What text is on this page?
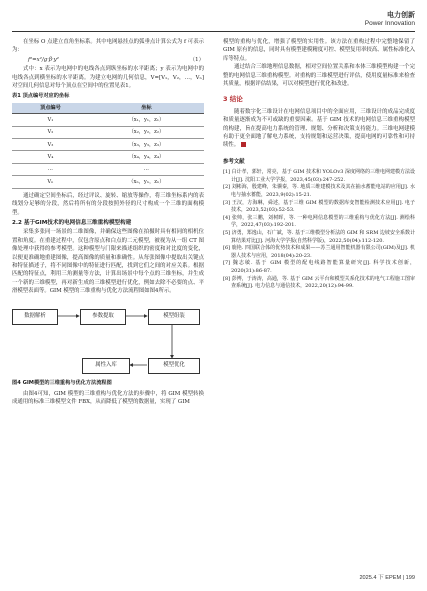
电力创新
Power Innovation

在坐标 O 点建立直角坐标系。其中电网悬挂点的弧垂点计算公式为 f 可表示为：

f²=x²/g·β·y²	（1）

式中：x 表示为电网中的电线各点到纵坐标的水平距离；y 表示为电网中的电线各点到横坐标的水平距离。为建立电网的几何信息，V=[V₁，V₂，…，Vₙ] 对空间几何信息对每个顶点在空间中的位置见表1。

表1 顶点编号对应的坐标
顶点编号	坐标
V₁	（x₁，y₁，z₁）
V₂	（x₂，y₂，z₂）
V₃	（x₃，y₃，z₃）
V₄	（x₄，y₄，z₄）
…	…
Vₙ	（xₙ，yₙ，zₙ）

通过确定空间坐标后，经过评议、旋转、缩放等操作，将三维坐标系内的表线划分足够的分段，然后将所有的分段按照外径的尺寸构成一个三维的面构模型。

2.2 基于GIM技术的电网信息三维重构模型构建

采集多张同一场景的二维图像，并确保这些图像在拍摄时具有相同的相机位置和角度。在重建过程中，仅包含原点和白点的二元模型，被视为从一组 CT 图像处理中获得的参考模型。这种模型与门限来描述组织的密度和对比度的变化，以便更准确地重建图像，提高图像的质量和准确性。从每张图像中提取出关键点和特征描述子，将不同图像中的特征进行匹配，找到它们之间的对应关系。根据匹配的特征点，利用三角测量等方法，计算出场景中每个点的三维坐标，并生成一个新的三维模型，再对新生成的三维模型进行优化，例如去除不必要的点、平滑模型表面等。GIM 模型的三维重构与优化方法流程图如图4所示。

数据解析	参数提取	模型组装
属性入库	模型优化
图4 GIM模型的三维重构与优化方法流程图

由图4可知，GIM 模型的三维重构与优化方法的步骤中，将 GIM 模型转换成通用的标准三维模型文件 FBX，从而降低了模型的数据量，实现了 GIM

模型的重构与优化，增强了模型的实用性。该方法在重构过程中完整地保留了 GIM 原有的信息，同时具有模型建模精度可控、模型复用率较高、属性标准化入库等特点。

通过结合三维地理信息数据，相对空间位置关系和本体三维模型构建一个完整的电网信息三维重构模型。对重构的三维模型进行评估，使用度量标准来检查其质量，根据评估结果，可以对模型进行优化和改进。

3 结论

随着数字化三维设计在电网信息项目中的全面应用，三维设计的成品完成度和质量逐渐成为不可或缺的重要因素。基于 GIM 技术的电网信息三维重构模型的构建，旨在提高电力系统的管理、规划、分析和决策支持能力。三维电网建模有助于更全面地了解电力系统，支持规划和运营决策，提高电网的可靠性和可持续性。

参考文献
[1] 白计孝，郭轩，常亮，基于 GIM 技术和 YOLOv3 深度网络的三维电网建模方法设计[J]. 沈阳工业大学学报，2023,45(03):247-252.
[2] 刘彬海，殷建峰，朱骥秦，等. 地质三维建模技术及其在抽水蓄能电站的应用[J]. 水电与抽水蓄能，2023,9(02):15-21.
[3] 王汉，方海琳，舜述，基于三维 GIM 模型的数据库变智能检测技术应用[J]. 电子技术，2023,52(03):52-53.
[4] 张帅，张三鹏，刘树晖，等. 一种电网信息模型的三维重构与优化方法[J]. 测绘科学，2022,47(03):192-201.
[5] 济勇，郑逸山，石广斌，等. 基于三维模型分析法的 GIM 和 SRM 边坡安全系数计算结果对比[J]. 河海大学学报(自然科学版)，2022,50(04):112-120.
[6] 鹿艳. 四国联合体的优势技术和成果——苏兰通用智能机器有限公司(GIM)及[J]. 机器人技术与应用，2018(04):20-23.
[7] 魏志敏. 基于 GIM 模型的配电线路智能算量研究[J]. 科学技术创新，2020(31):86-87.
[8] 彭博，于涛涛，高通，等. 基于 GIM 云平台和模型关系化技术的电气工程施工图审查系统[J]. 电力信息与通信技术，2022,20(12):94-99.
2025.4 下 EPEM | 199
